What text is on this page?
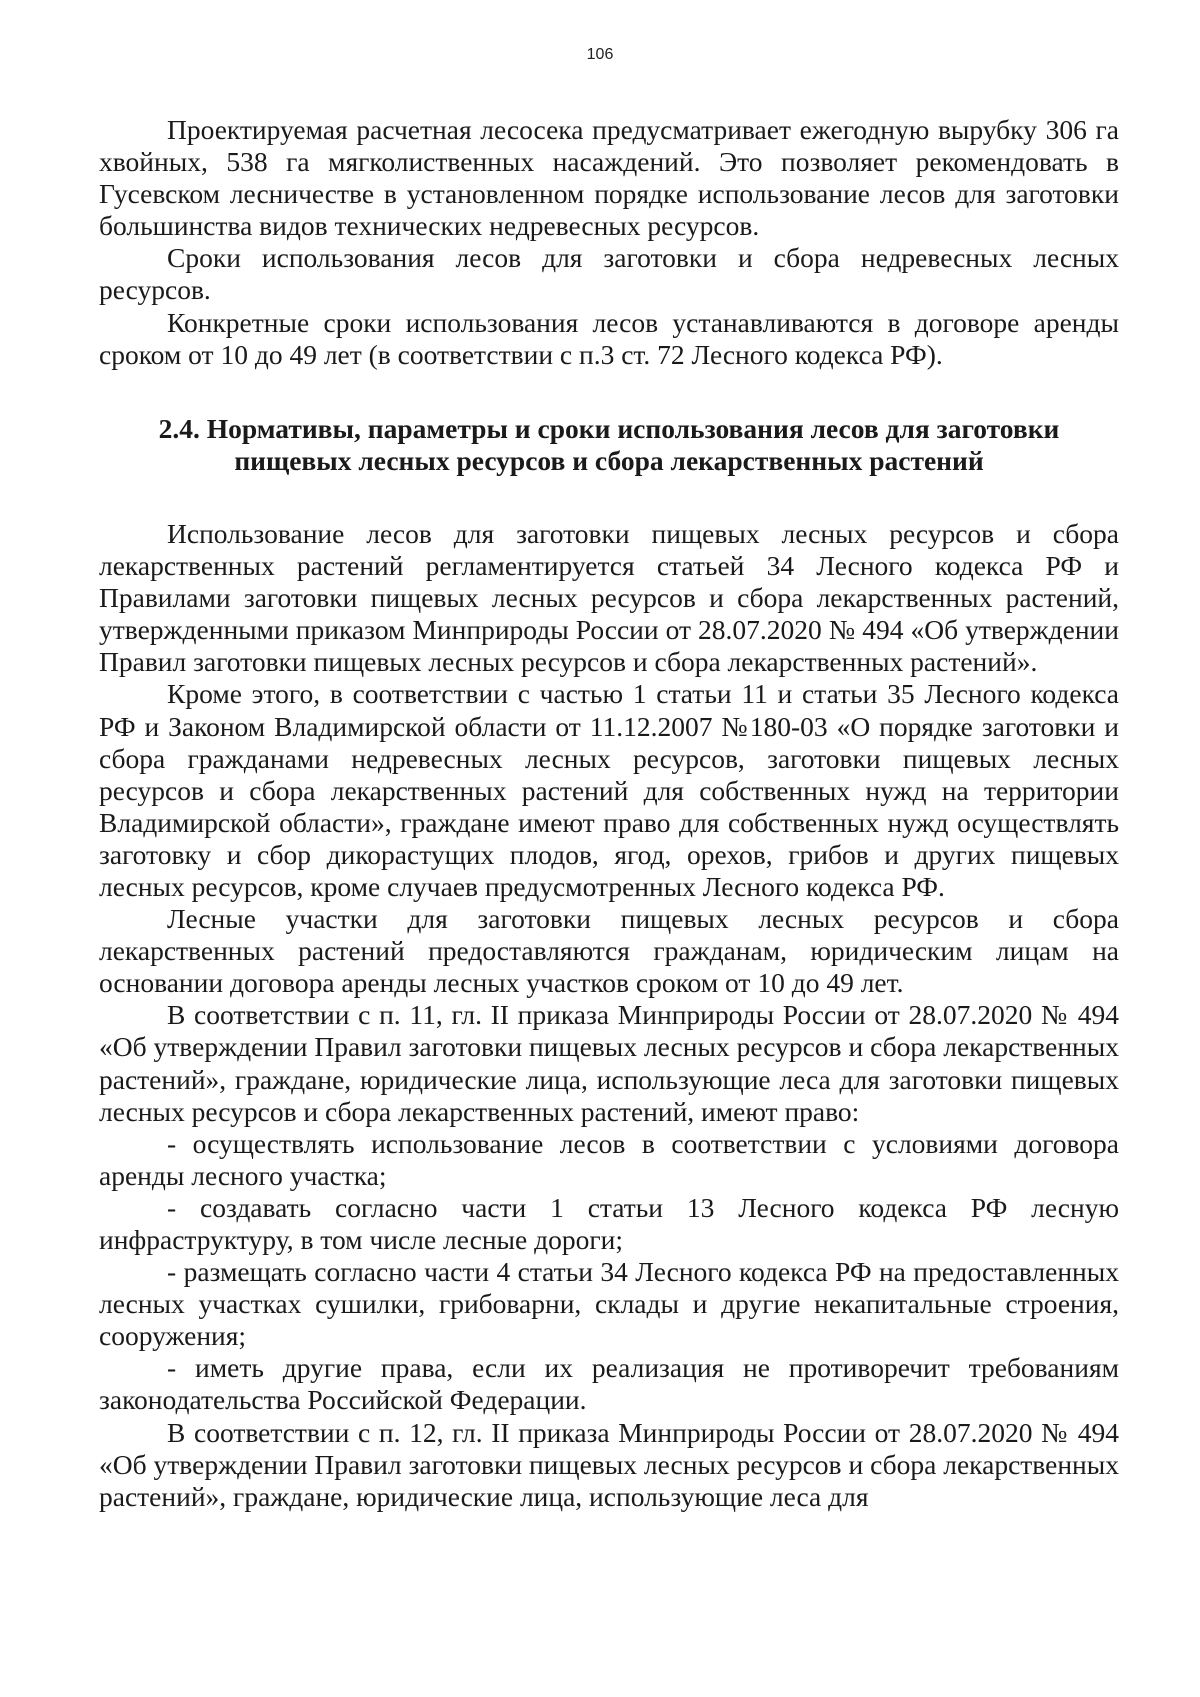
106

Проектируемая расчетная лесосека предусматривает ежегодную вырубку 306 га хвойных, 538 га мягколиственных насаждений. Это позволяет рекомендовать в Гусевском лесничестве в установленном порядке использование лесов для заготовки большинства видов технических недревесных ресурсов.

Сроки использования лесов для заготовки и сбора недревесных лесных ресурсов.

Конкретные сроки использования лесов устанавливаются в договоре аренды сроком от 10 до 49 лет (в соответствии с п.3 ст. 72 Лесного кодекса РФ).

2.4. Нормативы, параметры и сроки использования лесов для заготовки пищевых лесных ресурсов и сбора лекарственных растений

Использование лесов для заготовки пищевых лесных ресурсов и сбора лекарственных растений регламентируется статьей 34 Лесного кодекса РФ и Правилами заготовки пищевых лесных ресурсов и сбора лекарственных растений, утвержденными приказом Минприроды России от 28.07.2020 № 494 «Об утверждении Правил заготовки пищевых лесных ресурсов и сбора лекарственных растений».

Кроме этого, в соответствии с частью 1 статьи 11 и статьи 35 Лесного кодекса РФ и Законом Владимирской области от 11.12.2007 №180-03 «О порядке заготовки и сбора гражданами недревесных лесных ресурсов, заготовки пищевых лесных ресурсов и сбора лекарственных растений для собственных нужд на территории Владимирской области», граждане имеют право для собственных нужд осуществлять заготовку и сбор дикорастущих плодов, ягод, орехов, грибов и других пищевых лесных ресурсов, кроме случаев предусмотренных Лесного кодекса РФ.

Лесные участки для заготовки пищевых лесных ресурсов и сбора лекарственных растений предоставляются гражданам, юридическим лицам на основании договора аренды лесных участков сроком от 10 до 49 лет.

В соответствии с п. 11, гл. II приказа Минприроды России от 28.07.2020 № 494 «Об утверждении Правил заготовки пищевых лесных ресурсов и сбора лекарственных растений», граждане, юридические лица, использующие леса для заготовки пищевых лесных ресурсов и сбора лекарственных растений, имеют право:

- осуществлять использование лесов в соответствии с условиями договора аренды лесного участка;

- создавать согласно части 1 статьи 13 Лесного кодекса РФ лесную инфраструктуру, в том числе лесные дороги;

- размещать согласно части 4 статьи 34 Лесного кодекса РФ на предоставленных лесных участках сушилки, грибоварни, склады и другие некапитальные строения, сооружения;

- иметь другие права, если их реализация не противоречит требованиям законодательства Российской Федерации.

В соответствии с п. 12, гл. II приказа Минприроды России от 28.07.2020 № 494 «Об утверждении Правил заготовки пищевых лесных ресурсов и сбора лекарственных растений», граждане, юридические лица, использующие леса для
